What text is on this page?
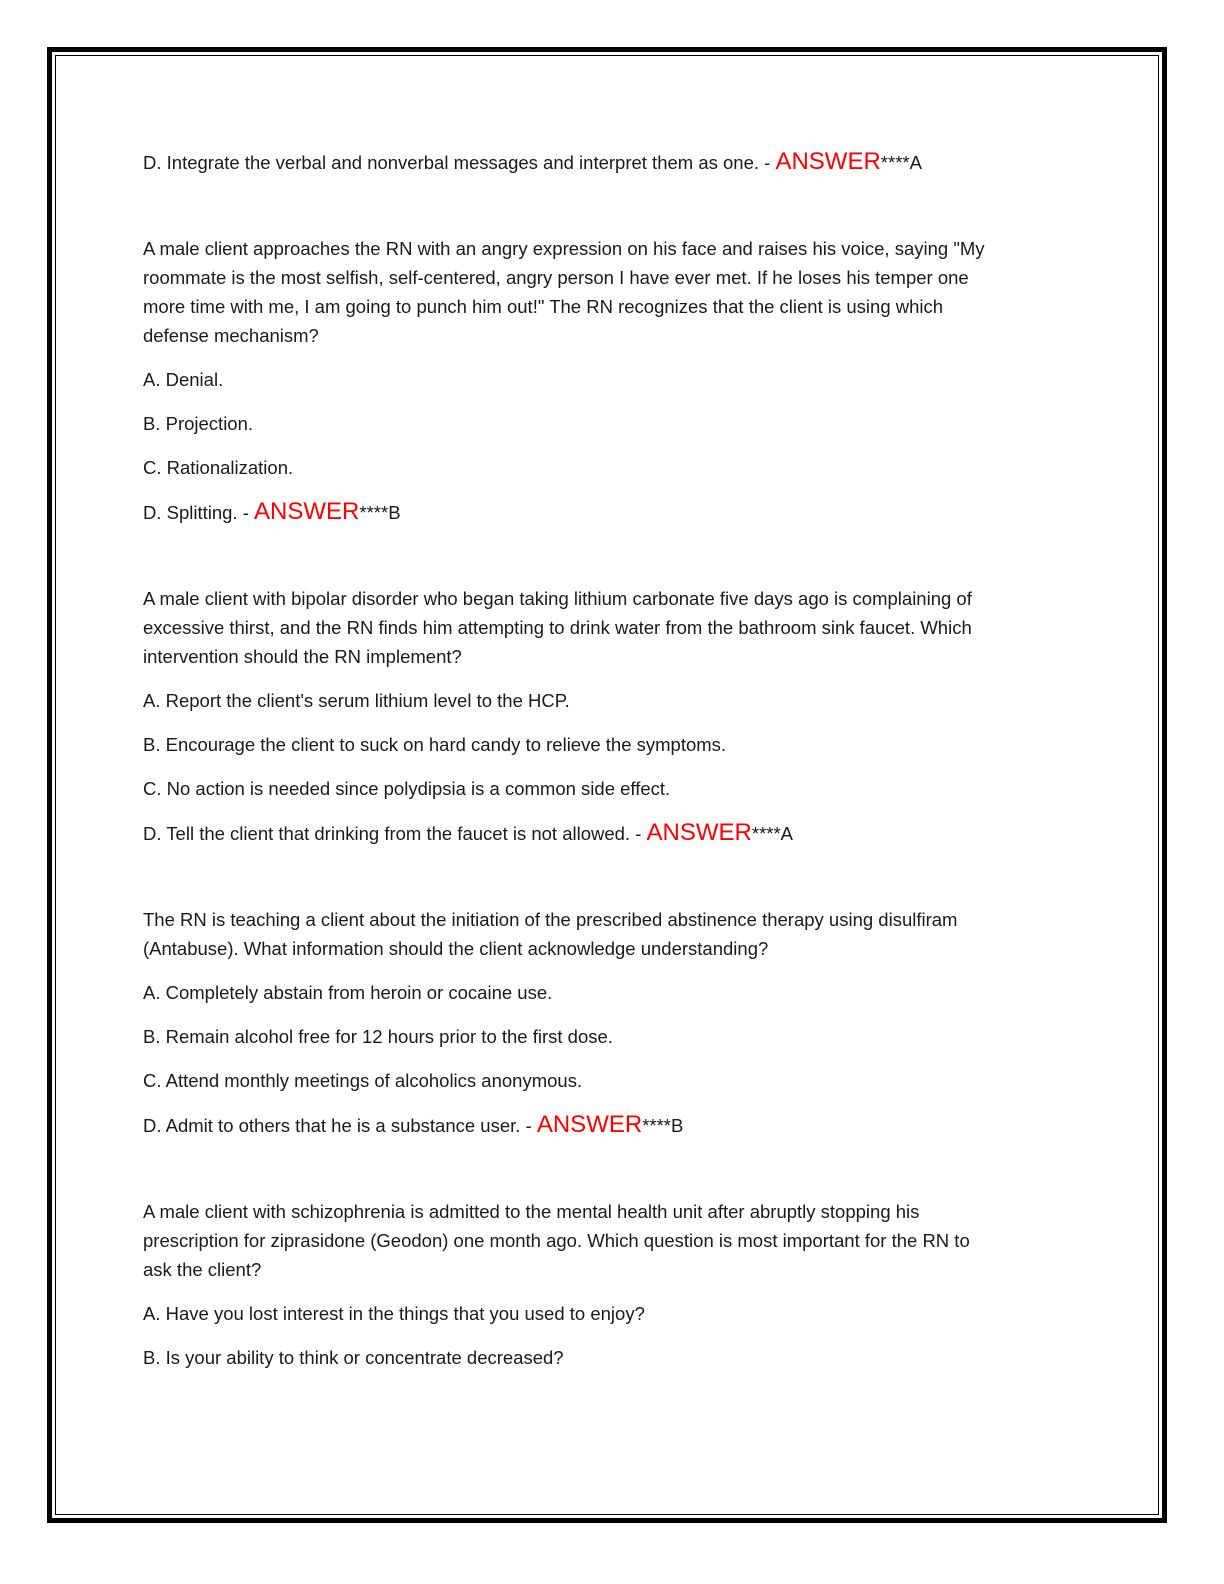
D. Integrate the verbal and nonverbal messages and interpret them as one. - ANSWER****A

A male client approaches the RN with an angry expression on his face and raises his voice, saying "My

roommate is the most selfish, self-centered, angry person I have ever met. If he loses his temper one

more time with me, I am going to punch him out!" The RN recognizes that the client is using which

defense mechanism?

A. Denial.

B. Projection.

C. Rationalization.

D. Splitting. - ANSWER****B

A male client with bipolar disorder who began taking lithium carbonate five days ago is complaining of

excessive thirst, and the RN finds him attempting to drink water from the bathroom sink faucet. Which

intervention should the RN implement?

A. Report the client's serum lithium level to the HCP.

B. Encourage the client to suck on hard candy to relieve the symptoms.

C. No action is needed since polydipsia is a common side effect.

D. Tell the client that drinking from the faucet is not allowed. - ANSWER****A

The RN is teaching a client about the initiation of the prescribed abstinence therapy using disulfiram

(Antabuse). What information should the client acknowledge understanding?

A. Completely abstain from heroin or cocaine use.

B. Remain alcohol free for 12 hours prior to the first dose.

C. Attend monthly meetings of alcoholics anonymous.

D. Admit to others that he is a substance user. - ANSWER****B

A male client with schizophrenia is admitted to the mental health unit after abruptly stopping his

prescription for ziprasidone (Geodon) one month ago. Which question is most important for the RN to

ask the client?

A. Have you lost interest in the things that you used to enjoy?

B. Is your ability to think or concentrate decreased?
